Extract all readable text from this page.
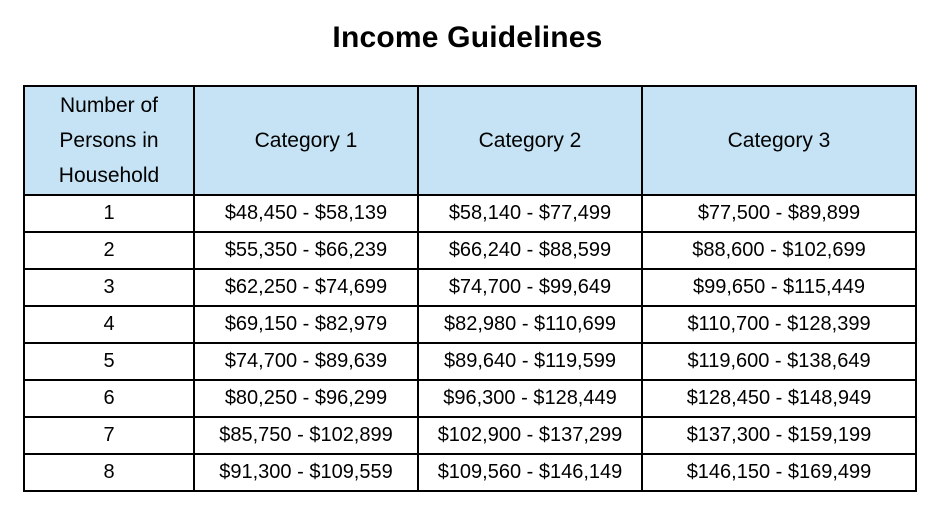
Income Guidelines
Number of
Persons in
Household	Category 1	Category 2	Category 3
1	$48,450 - $58,139	$58,140 - $77,499	$77,500 - $89,899
2	$55,350 - $66,239	$66,240 - $88,599	$88,600 - $102,699
3	$62,250 - $74,699	$74,700 - $99,649	$99,650 - $115,449
4	$69,150 - $82,979	$82,980 - $110,699	$110,700 - $128,399
5	$74,700 - $89,639	$89,640 - $119,599	$119,600 - $138,649
6	$80,250 - $96,299	$96,300 - $128,449	$128,450 - $148,949
7	$85,750 - $102,899	$102,900 - $137,299	$137,300 - $159,199
8	$91,300 - $109,559	$109,560 - $146,149	$146,150 - $169,499
